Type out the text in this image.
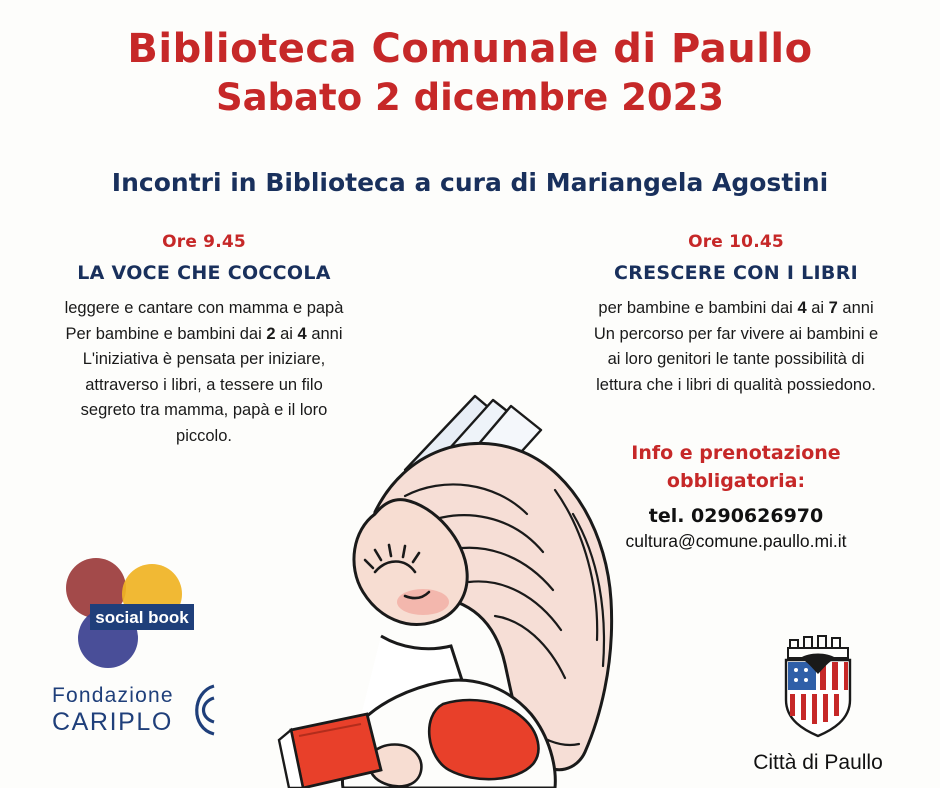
Biblioteca Comunale di Paullo
Sabato 2 dicembre 2023
Incontri in Biblioteca a cura di Mariangela Agostini
Ore 9.45
LA VOCE CHE COCCOLA

leggere e cantare con mamma e papà
Per bambine e bambini dai 2 ai 4 anni
L'iniziativa è pensata per iniziare,
attraverso i libri, a tessere un filo
segreto tra mamma, papà e il loro
piccolo.

Ore 10.45
CRESCERE CON I LIBRI

per bambine e bambini dai 4 ai 7 anni
Un percorso per far vivere ai bambini e
ai loro genitori le tante possibilità di
lettura che i libri di qualità possiedono.

Info e prenotazione
obbligatoria:
tel. 0290626970
cultura@comune.paullo.mi.it
social book
Fondazione
CARIPLO
Città di Paullo
